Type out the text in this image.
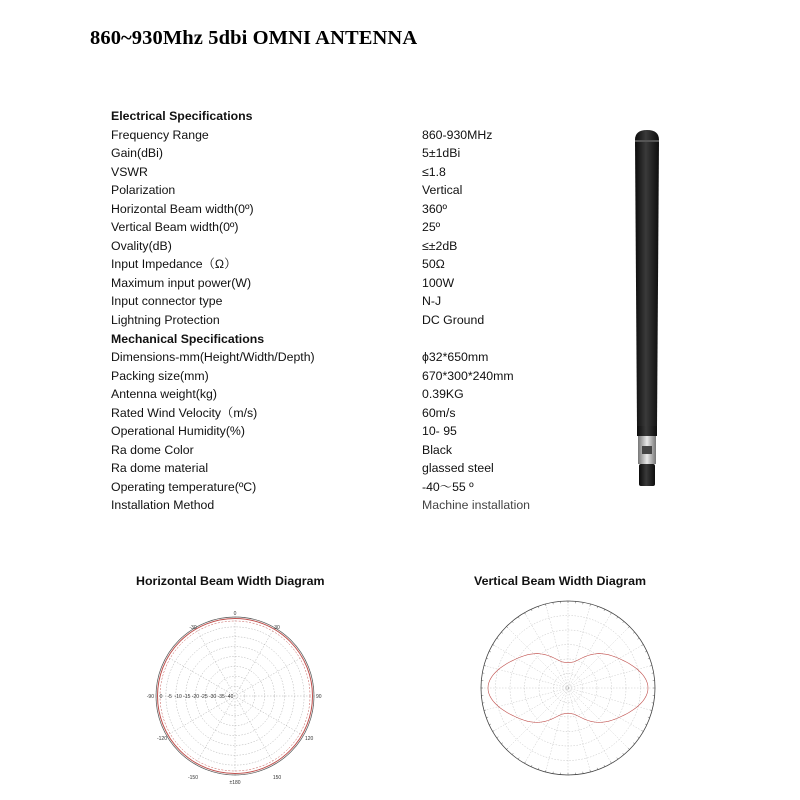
860~930Mhz 5dbi OMNI ANTENNA
Electrical Specifications
Frequency Range	860-930MHz
Gain(dBi)	5±1dBi
VSWR	≤1.8
Polarization	Vertical
Horizontal Beam width(0º)	360º
Vertical Beam width(0º)	25º
Ovality(dB)	≤±2dB
Input Impedance（Ω）	50Ω
Maximum input power(W)	100W
Input connector type	N-J
Lightning Protection	DC Ground
Mechanical Specifications
Dimensions-mm(Height/Width/Depth)	ϕ32*650mm
Packing size(mm)	670*300*240mm
Antenna weight(kg)	0.39KG
Rated Wind Velocity（m/s)	60m/s
Operational Humidity(%)	10- 95
Ra dome Color	Black
Ra dome material	glassed steel
Operating temperature(ºC)	-40～55 º
Installation Method	Machine installation
Horizontal Beam Width Diagram	Vertical Beam Width Diagram
0
-30	30
-90	90
-120	120
-150	150
±180
0 -5 -10 -15 -20 -25 -30 -35 -40
